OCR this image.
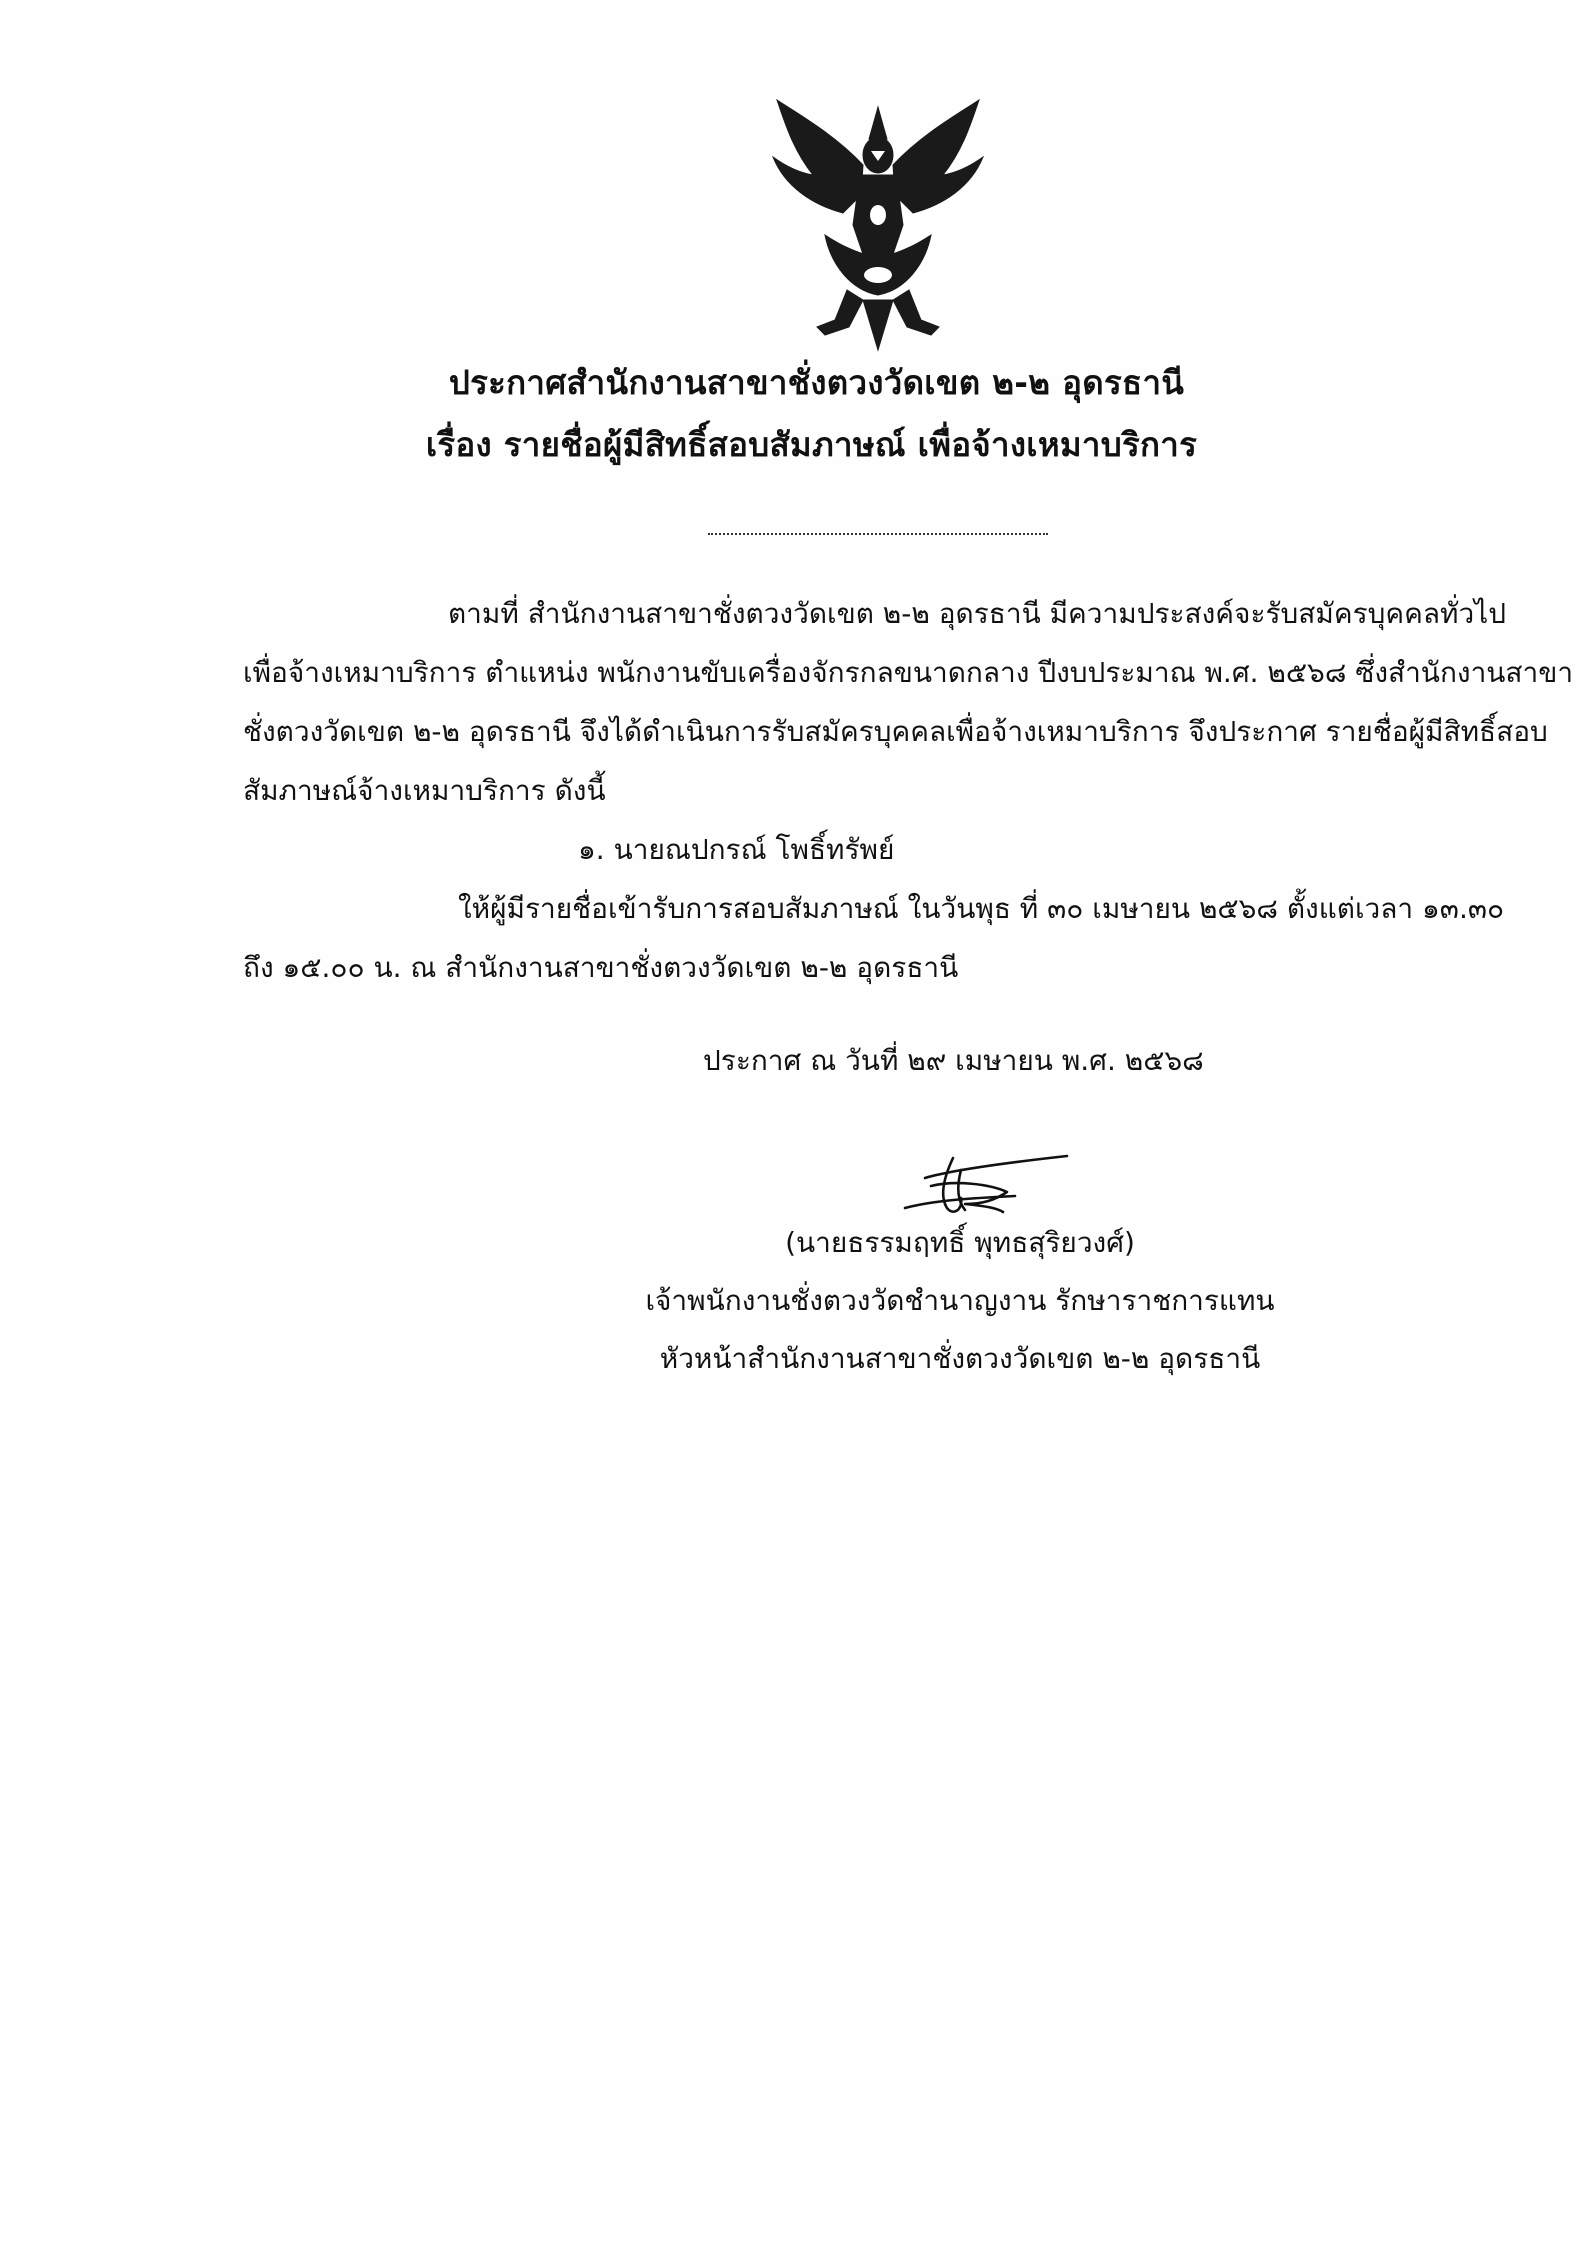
ประกาศสำนักงานสาขาชั่งตวงวัดเขต ๒-๒ อุดรธานี
เรื่อง รายชื่อผู้มีสิทธิ์สอบสัมภาษณ์ เพื่อจ้างเหมาบริการ
ตามที่ สำนักงานสาขาชั่งตวงวัดเขต ๒-๒ อุดรธานี มีความประสงค์จะรับสมัครบุคคลทั่วไป
เพื่อจ้างเหมาบริการ ตำแหน่ง พนักงานขับเครื่องจักรกลขนาดกลาง ปีงบประมาณ พ.ศ. ๒๕๖๘ ซึ่งสำนักงานสาขา
ชั่งตวงวัดเขต ๒-๒ อุดรธานี จึงได้ดำเนินการรับสมัครบุคคลเพื่อจ้างเหมาบริการ จึงประกาศ รายชื่อผู้มีสิทธิ์สอบ
สัมภาษณ์จ้างเหมาบริการ ดังนี้
๑. นายณปกรณ์ โพธิ์ทรัพย์
ให้ผู้มีรายชื่อเข้ารับการสอบสัมภาษณ์ ในวันพุธ ที่ ๓๐ เมษายน ๒๕๖๘ ตั้งแต่เวลา ๑๓.๓๐
ถึง ๑๕.๐๐ น. ณ สำนักงานสาขาชั่งตวงวัดเขต ๒-๒ อุดรธานี
ประกาศ ณ วันที่ ๒๙ เมษายน พ.ศ. ๒๕๖๘
(นายธรรมฤทธิ์ พุทธสุริยวงศ์)
เจ้าพนักงานชั่งตวงวัดชำนาญงาน รักษาราชการแทน
หัวหน้าสำนักงานสาขาชั่งตวงวัดเขต ๒-๒ อุดรธานี
